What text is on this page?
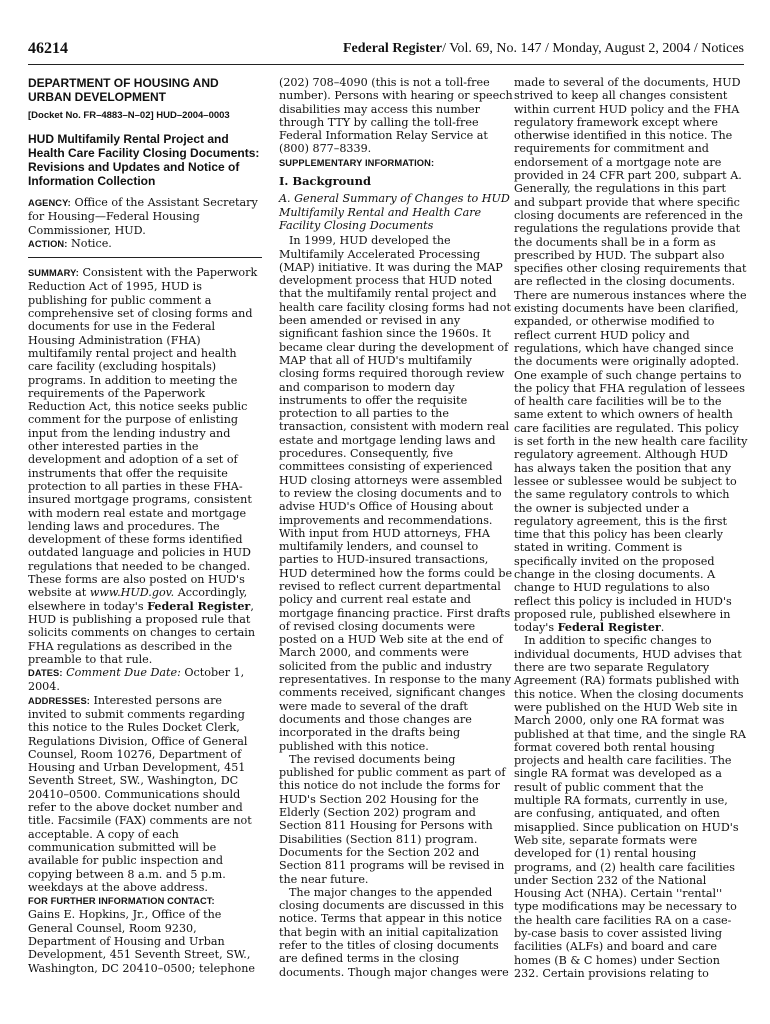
46214	Federal Register/ Vol. 69, No. 147 / Monday, August 2, 2004 / Notices
DEPARTMENT OF HOUSING AND URBAN DEVELOPMENT
[Docket No. FR–4883–N–02] HUD–2004–0003
HUD Multifamily Rental Project and Health Care Facility Closing Documents: Revisions and Updates and Notice of Information Collection

AGENCY: Office of the Assistant Secretary for Housing—Federal Housing Commissioner, HUD.

ACTION: Notice.

SUMMARY: Consistent with the Paperwork Reduction Act of 1995, HUD is publishing for public comment a comprehensive set of closing forms and documents for use in the Federal Housing Administration (FHA) multifamily rental project and health care facility (excluding hospitals) programs. In addition to meeting the requirements of the Paperwork Reduction Act, this notice seeks public comment for the purpose of enlisting input from the lending industry and other interested parties in the development and adoption of a set of instruments that offer the requisite protection to all parties in these FHA-insured mortgage programs, consistent with modern real estate and mortgage lending laws and procedures. The development of these forms identified outdated language and policies in HUD regulations that needed to be changed. These forms are also posted on HUD's website at www.HUD.gov. Accordingly, elsewhere in today's Federal Register, HUD is publishing a proposed rule that solicits comments on changes to certain FHA regulations as described in the preamble to that rule.

DATES: Comment Due Date: October 1, 2004.

ADDRESSES: Interested persons are invited to submit comments regarding this notice to the Rules Docket Clerk, Regulations Division, Office of General Counsel, Room 10276, Department of Housing and Urban Development, 451 Seventh Street, SW., Washington, DC 20410–0500. Communications should refer to the above docket number and title. Facsimile (FAX) comments are not acceptable. A copy of each communication submitted will be available for public inspection and copying between 8 a.m. and 5 p.m. weekdays at the above address.

FOR FURTHER INFORMATION CONTACT:

Gains E. Hopkins, Jr., Office of the General Counsel, Room 9230, Department of Housing and Urban Development, 451 Seventh Street, SW., Washington, DC 20410–0500; telephone

(202) 708–4090 (this is not a toll-free number). Persons with hearing or speech disabilities may access this number through TTY by calling the toll-free Federal Information Relay Service at (800) 877–8339.

SUPPLEMENTARY INFORMATION:

I. Background
A. General Summary of Changes to HUD Multifamily Rental and Health Care Facility Closing Documents

In 1999, HUD developed the Multifamily Accelerated Processing (MAP) initiative. It was during the MAP development process that HUD noted that the multifamily rental project and health care facility closing forms had not been amended or revised in any significant fashion since the 1960s. It became clear during the development of MAP that all of HUD's multifamily closing forms required thorough review and comparison to modern day instruments to offer the requisite protection to all parties to the transaction, consistent with modern real estate and mortgage lending laws and procedures. Consequently, five committees consisting of experienced HUD closing attorneys were assembled to review the closing documents and to advise HUD's Office of Housing about improvements and recommendations. With input from HUD attorneys, FHA multifamily lenders, and counsel to parties to HUD-insured transactions, HUD determined how the forms could be revised to reflect current departmental policy and current real estate and mortgage financing practice. First drafts of revised closing documents were posted on a HUD Web site at the end of March 2000, and comments were solicited from the public and industry representatives. In response to the many comments received, significant changes were made to several of the draft documents and those changes are incorporated in the drafts being published with this notice.

The revised documents being published for public comment as part of this notice do not include the forms for HUD's Section 202 Housing for the Elderly (Section 202) program and Section 811 Housing for Persons with Disabilities (Section 811) program. Documents for the Section 202 and Section 811 programs will be revised in the near future.

The major changes to the appended closing documents are discussed in this notice. Terms that appear in this notice that begin with an initial capitalization refer to the titles of closing documents are defined terms in the closing documents. Though major changes were

made to several of the documents, HUD strived to keep all changes consistent within current HUD policy and the FHA regulatory framework except where otherwise identified in this notice. The requirements for commitment and endorsement of a mortgage note are provided in 24 CFR part 200, subpart A. Generally, the regulations in this part and subpart provide that where specific closing documents are referenced in the regulations the regulations provide that the documents shall be in a form as prescribed by HUD. The subpart also specifies other closing requirements that are reflected in the closing documents. There are numerous instances where the existing documents have been clarified, expanded, or otherwise modified to reflect current HUD policy and regulations, which have changed since the documents were originally adopted. One example of such change pertains to the policy that FHA regulation of lessees of health care facilities will be to the same extent to which owners of health care facilities are regulated. This policy is set forth in the new health care facility regulatory agreement. Although HUD has always taken the position that any lessee or sublessee would be subject to the same regulatory controls to which the owner is subjected under a regulatory agreement, this is the first time that this policy has been clearly stated in writing. Comment is specifically invited on the proposed change in the closing documents. A change to HUD regulations to also reflect this policy is included in HUD's proposed rule, published elsewhere in today's Federal Register.

In addition to specific changes to individual documents, HUD advises that there are two separate Regulatory Agreement (RA) formats published with this notice. When the closing documents were published on the HUD Web site in March 2000, only one RA format was published at that time, and the single RA format covered both rental housing projects and health care facilities. The single RA format was developed as a result of public comment that the multiple RA formats, currently in use, are confusing, antiquated, and often misapplied. Since publication on HUD's Web site, separate formats were developed for (1) rental housing programs, and (2) health care facilities under Section 232 of the National Housing Act (NHA). Certain ''rental'' type modifications may be necessary to the health care facilities RA on a case-by-case basis to cover assisted living facilities (ALFs) and board and care homes (B & C homes) under Section 232. Certain provisions relating to
